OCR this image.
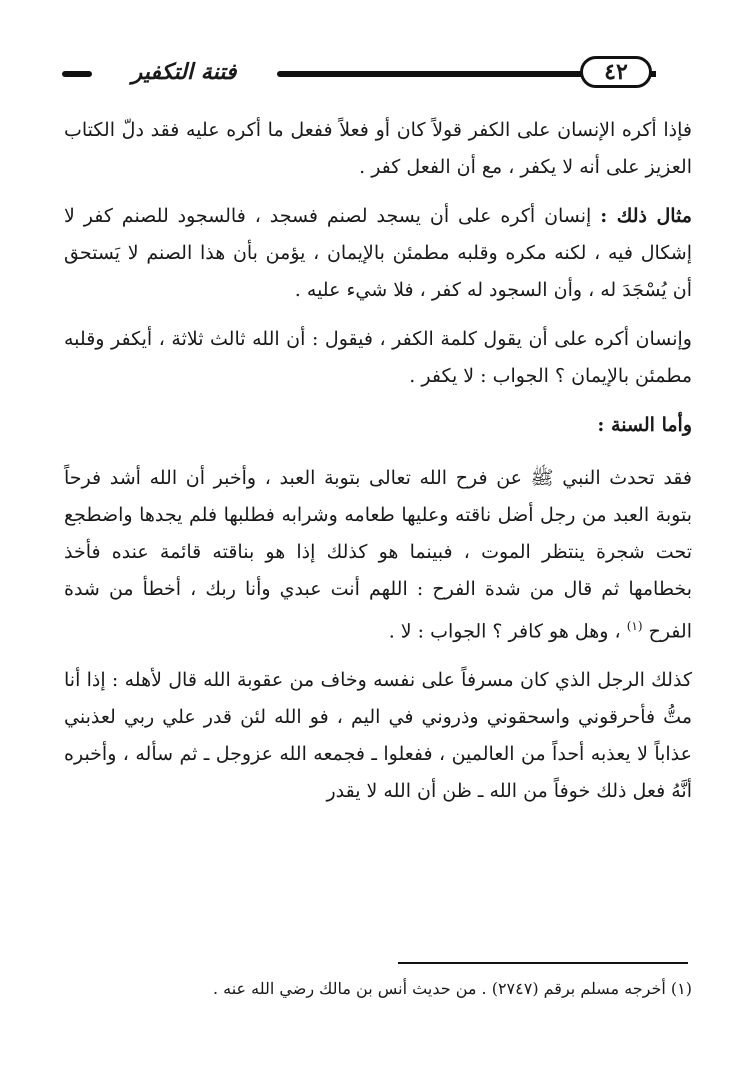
فتنة التكفير	٤٢

فإذا أكره الإنسان على الكفر قولاً كان أو فعلاً ففعل ما أكره عليه فقد دلّ الكتاب العزيز على أنه لا يكفر ، مع أن الفعل كفر .

مثال ذلك : إنسان أكره على أن يسجد لصنم فسجد ، فالسجود للصنم كفر لا إشكال فيه ، لكنه مكره وقلبه مطمئن بالإيمان ، يؤمن بأن هذا الصنم لا يَستحق أن يُسْجَدَ له ، وأن السجود له كفر ، فلا شيء عليه .

وإنسان أكره على أن يقول كلمة الكفر ، فيقول : أن الله ثالث ثلاثة ، أيكفر وقلبه مطمئن بالإيمان ؟ الجواب : لا يكفر .

وأما السنة :

فقد تحدث النبي ﷺ عن فرح الله تعالى بتوبة العبد ، وأخبر أن الله أشد فرحاً بتوبة العبد من رجل أضل ناقته وعليها طعامه وشرابه فطلبها فلم يجدها واضطجع تحت شجرة ينتظر الموت ، فبينما هو كذلك إذا هو بناقته قائمة عنده فأخذ بخطامها ثم قال من شدة الفرح : اللهم أنت عبدي وأنا ربك ، أخطأ من شدة الفرح $^{(١)}$ ، وهل هو كافر ؟ الجواب : لا .

كذلك الرجل الذي كان مسرفاً على نفسه وخاف من عقوبة الله قال لأهله : إذا أنا متُّ فأحرقوني واسحقوني وذروني في اليم ، فو الله لئن قدر علي ربي لعذبني عذاباً لا يعذبه أحداً من العالمين ، ففعلوا ـ فجمعه الله عزوجل ـ ثم سأله ، وأخبره أنَّهُ فعل ذلك خوفاً من الله ـ ظن أن الله لا يقدر

(١) أخرجه مسلم برقم (٢٧٤٧) . من حديث أنس بن مالك رضي الله عنه .
